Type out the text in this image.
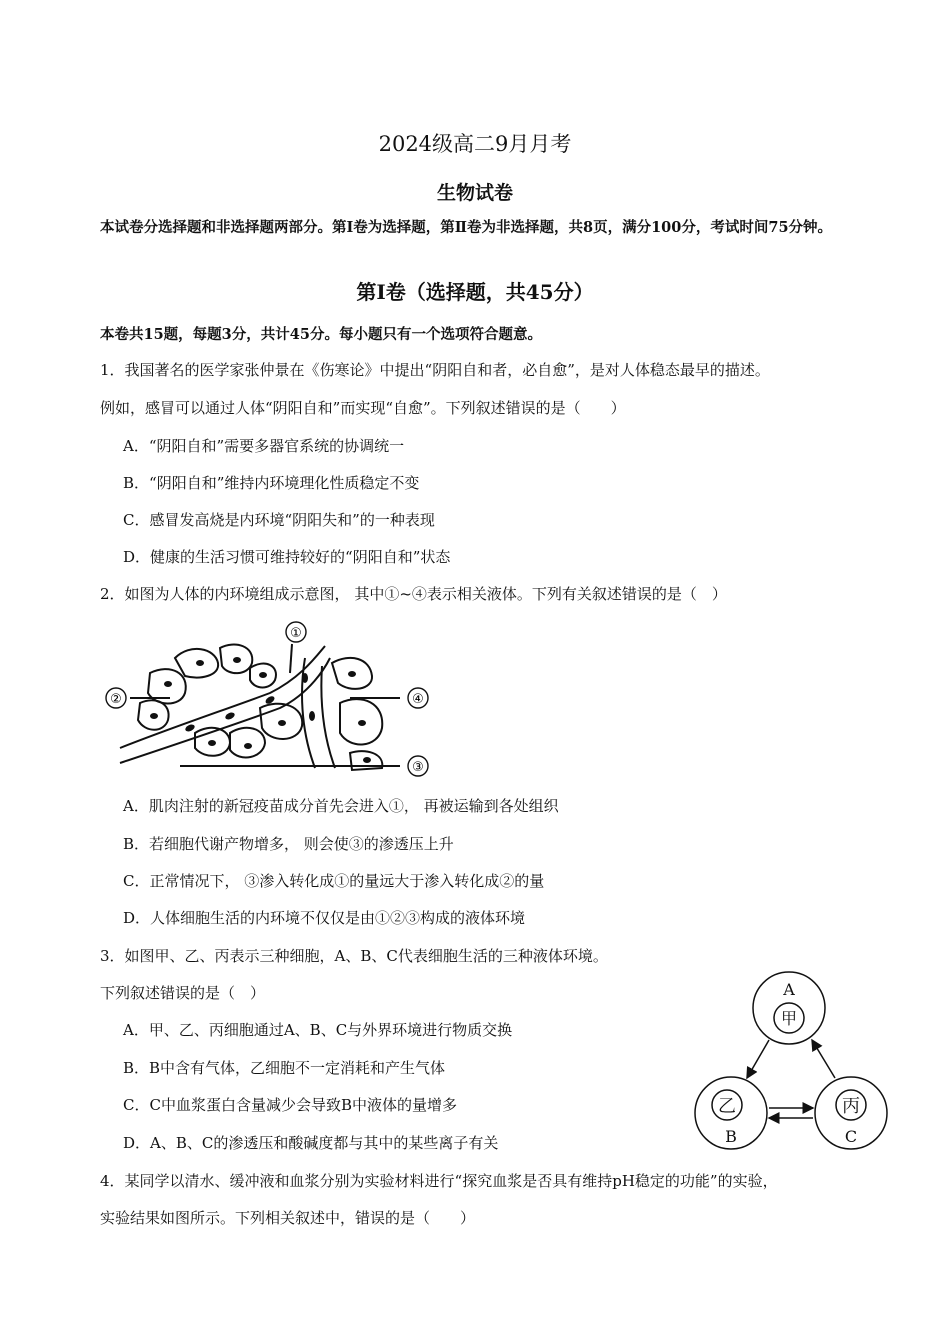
2024级高二9月月考
生物试卷
本试卷分选择题和非选择题两部分。第Ⅰ卷为选择题，第Ⅱ卷为非选择题，共8页，满分100分，考试时间75分钟。
第Ⅰ卷（选择题，共45分）
本卷共15题，每题3分，共计45分。每小题只有一个选项符合题意。
1．我国著名的医学家张仲景在《伤寒论》中提出“阴阳自和者，必自愈”，是对人体稳态最早的描述。
例如，感冒可以通过人体“阴阳自和”而实现“自愈”。下列叙述错误的是（　　）
A．“阴阳自和”需要多器官系统的协调统一
B．“阴阳自和”维持内环境理化性质稳定不变
C．感冒发高烧是内环境“阴阳失和”的一种表现
D．健康的生活习惯可维持较好的“阴阳自和”状态
2．如图为人体的内环境组成示意图， 其中①~④表示相关液体。下列有关叙述错误的是（　）
①
②
③
④
A．肌肉注射的新冠疫苗成分首先会进入①， 再被运输到各处组织
B．若细胞代谢产物增多， 则会使③的渗透压上升
C．正常情况下， ③渗入转化成①的量远大于渗入转化成②的量
D．人体细胞生活的内环境不仅仅是由①②③构成的液体环境
3．如图甲、乙、丙表示三种细胞，A、B、C代表细胞生活的三种液体环境。
下列叙述错误的是（　）
A．甲、乙、丙细胞通过A、B、C与外界环境进行物质交换
B．B中含有气体，乙细胞不一定消耗和产生气体
C．C中血浆蛋白含量减少会导致B中液体的量增多
D．A、B、C的渗透压和酸碱度都与其中的某些离子有关
A
甲
乙
B
丙
C
4．某同学以清水、缓冲液和血浆分别为实验材料进行“探究血浆是否具有维持pH稳定的功能”的实验，
实验结果如图所示。下列相关叙述中，错误的是（　　）
